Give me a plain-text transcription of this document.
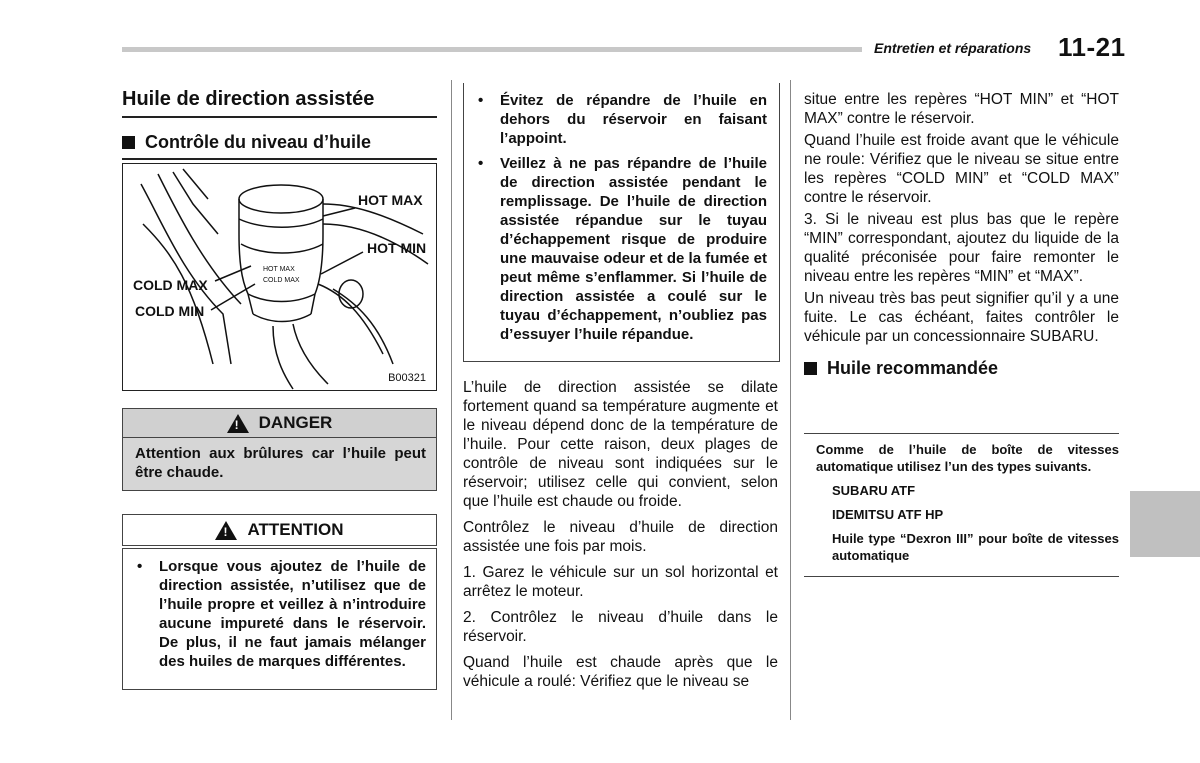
Entretien et réparations 11-21
Huile de direction assistée
Contrôle du niveau d’huile
HOT MAX
COLD MAX
HOT MAX
HOT MIN
COLD MAX
COLD MIN
B00321
! DANGER
Attention aux brûlures car l’huile peut être chaude.
! ATTENTION
• Lorsque vous ajoutez de l’huile de direction assistée, n’utilisez que de l’huile propre et veillez à n’introduire aucune impureté dans le réservoir. De plus, il ne faut jamais mélanger des huiles de marques différentes.
• Évitez de répandre de l’huile en dehors du réservoir en faisant l’appoint.
• Veillez à ne pas répandre de l’huile de direction assistée pendant le remplissage. De l’huile de direction assistée répandue sur le tuyau d’échappement risque de produire une mauvaise odeur et de la fumée et peut même s’enflammer. Si l’huile de direction assistée a coulé sur le tuyau d’échappement, n’oubliez pas d’essuyer l’huile répandue.

L’huile de direction assistée se dilate fortement quand sa température augmente et le niveau dépend donc de la température de l’huile. Pour cette raison, deux plages de contrôle de niveau sont indiquées sur le réservoir; utilisez celle qui convient, selon que l’huile est chaude ou froide.

Contrôlez le niveau d’huile de direction assistée une fois par mois.

1. Garez le véhicule sur un sol horizontal et arrêtez le moteur.

2. Contrôlez le niveau d’huile dans le réservoir.

Quand l’huile est chaude après que le véhicule a roulé: Vérifiez que le niveau se

situe entre les repères “HOT MIN” et “HOT MAX” contre le réservoir.

Quand l’huile est froide avant que le véhicule ne roule: Vérifiez que le niveau se situe entre les repères “COLD MIN” et “COLD MAX” contre le réservoir.

3. Si le niveau est plus bas que le repère “MIN” correspondant, ajoutez du liquide de la qualité préconisée pour faire remonter le niveau entre les repères “MIN” et “MAX”.

Un niveau très bas peut signifier qu’il y a une fuite. Le cas échéant, faites contrôler le véhicule par un concessionnaire SUBARU.

Huile recommandée
Comme de l’huile de boîte de vitesses automatique utilisez l’un des types suivants.
SUBARU ATF
IDEMITSU ATF HP
Huile type “Dexron III” pour boîte de vitesses automatique
